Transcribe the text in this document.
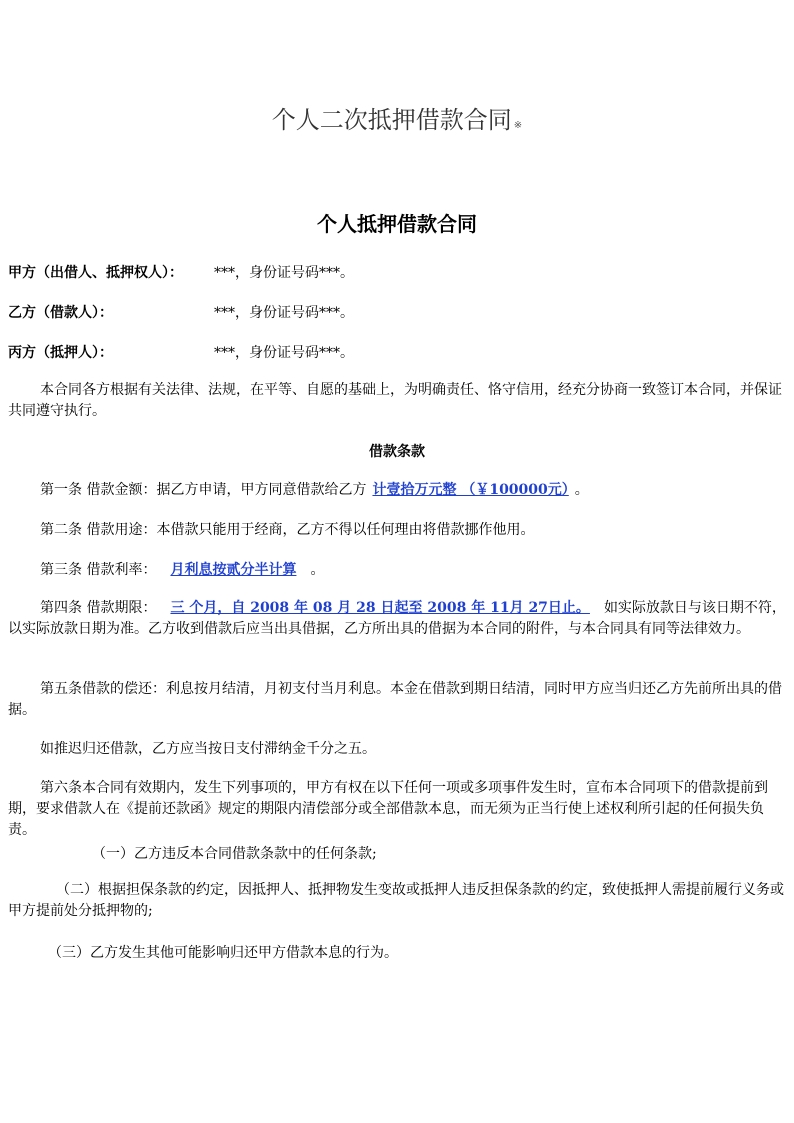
个人二次抵押借款合同 ※
个人抵押借款合同
甲方（出借人、抵押权人）： ***，身份证号码***。
乙方（借款人）：	***，身份证号码***。
丙方（抵押人）：	***，身份证号码***。
本合同各方根据有关法律、法规，在平等、自愿的基础上，为明确责任、恪守信用，经充分协商一致签订本合同，并保证共同遵守执行。
借款条款
第一条 借款金额：据乙方申请，甲方同意借款给乙方 计壹拾万元整 （￥100000元） 。
第二条 借款用途：本借款只能用于经商，乙方不得以任何理由将借款挪作他用。
第三条 借款利率： 月利息按贰分半计算 。
第四条 借款期限： 三 个月，自 2008 年 08 月 28 日起至 2008 年 11月 27日止。 如实际放款日与该日期不符，以实际放款日期为准。乙方收到借款后应当出具借据，乙方所出具的借据为本合同的附件，与本合同具有同等法律效力。
第五条借款的偿还：利息按月结清，月初支付当月利息。本金在借款到期日结清，同时甲方应当归还乙方先前所出具的借据。
如推迟归还借款，乙方应当按日支付滞纳金千分之五。
第六条本合同有效期内，发生下列事项的，甲方有权在以下任何一项或多项事件发生时，宣布本合同项下的借款提前到期，要求借款人在《提前还款函》规定的期限内清偿部分或全部借款本息，而无须为正当行使上述权利所引起的任何损失负责。
（一）乙方违反本合同借款条款中的任何条款;
（二）根据担保条款的约定，因抵押人、抵押物发生变故或抵押人违反担保条款的约定，致使抵押人需提前履行义务或甲方提前处分抵押物的;
（三）乙方发生其他可能影响归还甲方借款本息的行为。
